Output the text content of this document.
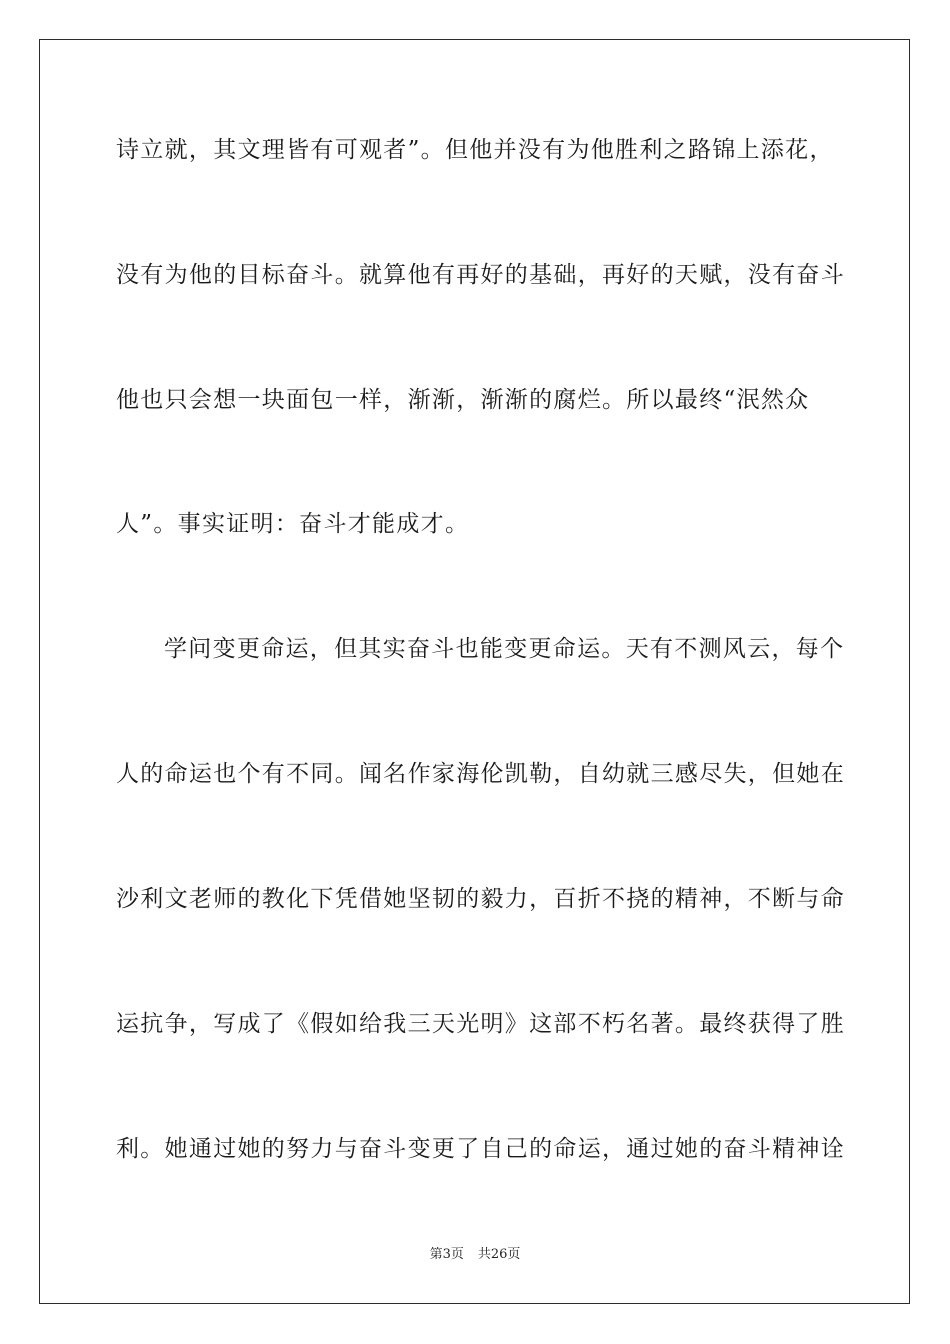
诗立就，其文理皆有可观者”。但他并没有为他胜利之路锦上添花，
没有为他的目标奋斗。就算他有再好的基础，再好的天赋，没有奋斗
他也只会想一块面包一样，渐渐，渐渐的腐烂。所以最终“泯然众
人”。事实证明：奋斗才能成才。
学问变更命运，但其实奋斗也能变更命运。天有不测风云，每个
人的命运也个有不同。闻名作家海伦凯勒，自幼就三感尽失，但她在
沙利文老师的教化下凭借她坚韧的毅力，百折不挠的精神，不断与命
运抗争，写成了《假如给我三天光明》这部不朽名著。最终获得了胜
利。她通过她的努力与奋斗变更了自己的命运，通过她的奋斗精神诠
第3页 共26页
